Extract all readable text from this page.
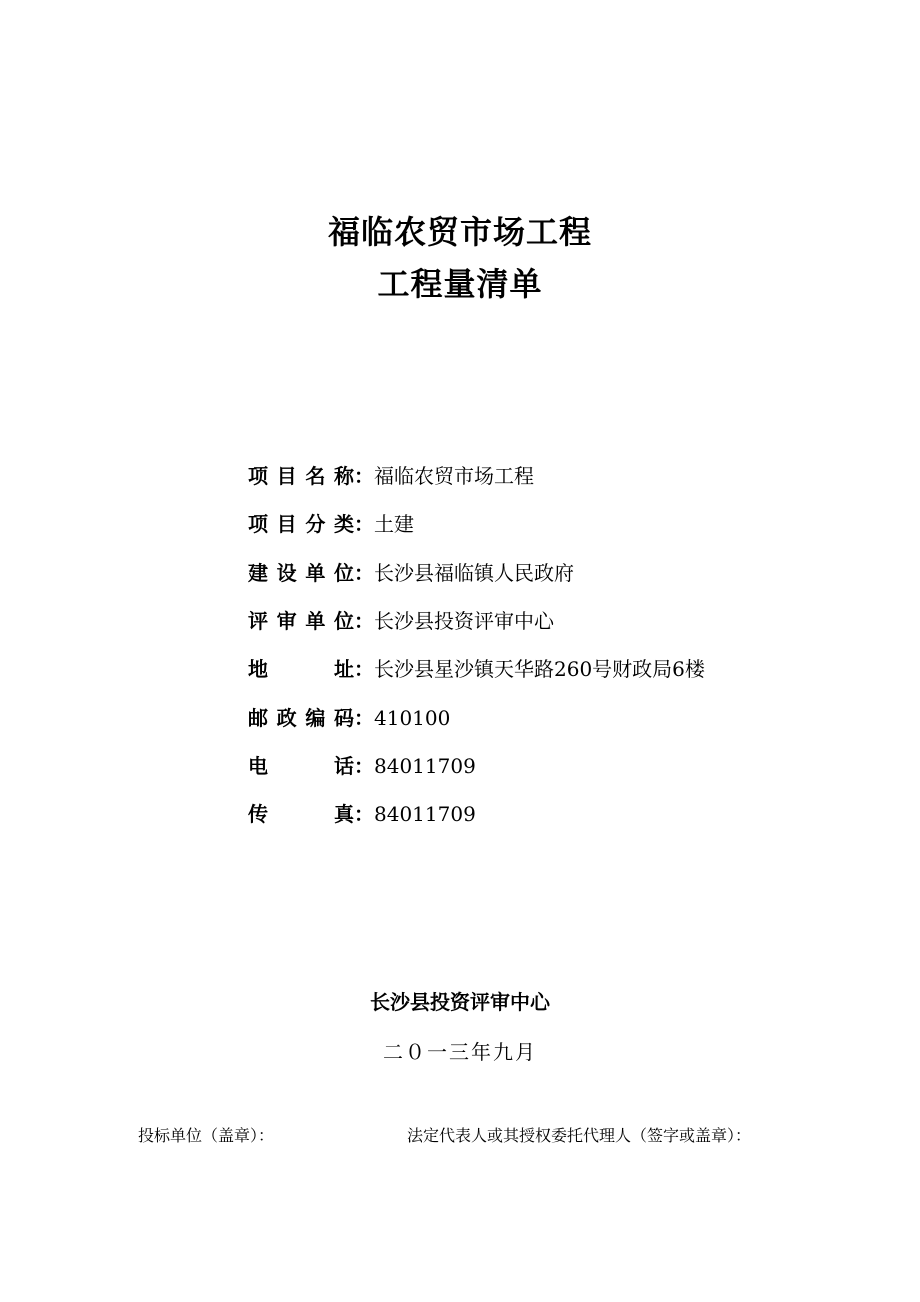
福临农贸市场工程
工程量清单
项目名称 ： 福临农贸市场工程
项目分类 ： 土建
建设单位 ： 长沙县福临镇人民政府
评审单位 ： 长沙县投资评审中心
地址 ： 长沙县星沙镇天华路260号财政局6楼
邮政编码 ： 410100
电话 ： 84011709
传真 ： 84011709
长沙县投资评审中心
二０一三年九月
投标单位（盖章）：	法定代表人或其授权委托代理人（签字或盖章）：
